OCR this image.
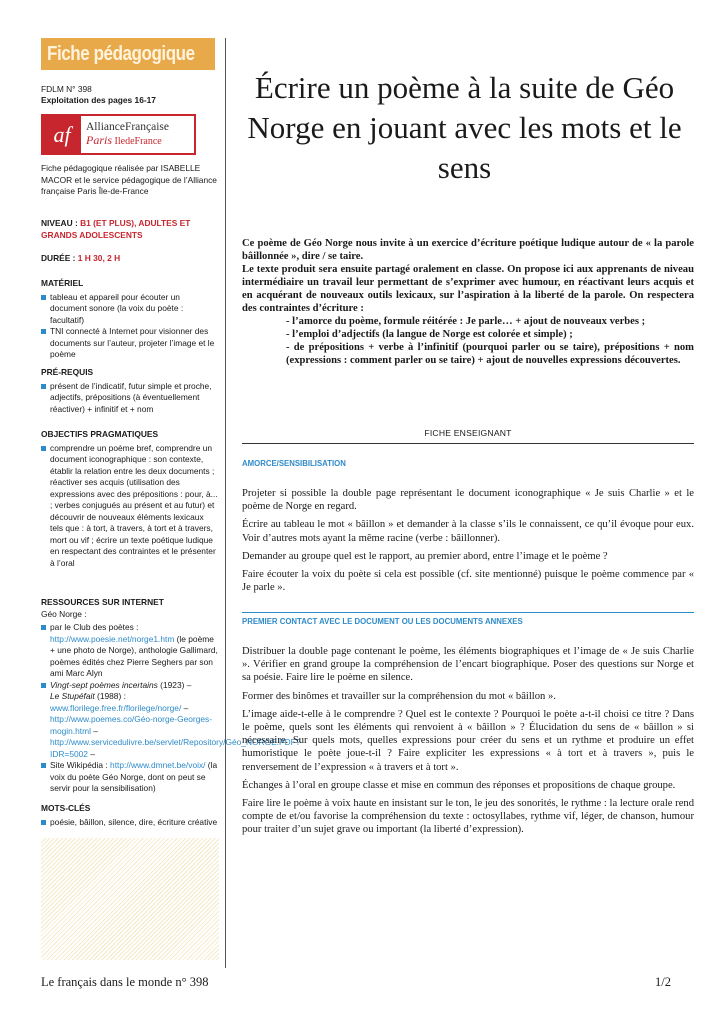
Fiche pédagogique
FDLM N° 398
Exploitation des pages 16-17
af	AllianceFrançaise
Paris IledeFrance

Fiche pédagogique réalisée par ISABELLE MACOR et le service pédagogique de l’Alliance française Paris Île-de-France

NIVEAU : B1 (ET PLUS), ADULTES ET GRANDS ADOLESCENTS

DURÉE : 1 H 30, 2 H

MATÉRIEL

tableau et appareil pour écouter un document sonore (la voix du poète : facultatif)
TNI connecté à Internet pour visionner des documents sur l’auteur, projeter l’image et le poème

PRÉ-REQUIS

présent de l’indicatif, futur simple et proche, adjectifs, prépositions (à éventuellement réactiver) + infinitif et + nom

OBJECTIFS PRAGMATIQUES

comprendre un poème bref, comprendre un document iconographique : son contexte, établir la relation entre les deux documents ; réactiver ses acquis (utilisation des expressions avec des prépositions : pour, à... ; verbes conjugués au présent et au futur) et découvrir de nouveaux éléments lexicaux tels que : à tort, à travers, à tort et à travers, mort ou vif ; écrire un texte poétique ludique en respectant des contraintes et le présenter à l’oral

RESSOURCES SUR INTERNET

Géo Norge :
par le Club des poètes : http://www.poesie.net/norge1.htm (le poème + une photo de Norge), anthologie Gallimard, poèmes édités chez Pierre Seghers par son ami Marc Alyn
Vingt-sept poèmes incertains (1923) –
Le Stupéfait (1988) : www.florilege.free.fr/florilege/norge/ – http://www.poemes.co/Géo-norge-Georges-mogin.html – http://www.servicedulivre.be/servlet/Repository/Géo_NORGE.PDF?IDR=5002 –
Site Wikipédia : http://www.dmnet.be/voix/ (la voix du poète Géo Norge, dont on peut se servir pour la sensibilisation)

MOTS-CLÉS

poésie, bâillon, silence, dire, écriture créative
Écrire un poème à la suite de Géo Norge en jouant avec les mots et le sens

Ce poème de Géo Norge nous invite à un exercice d’écriture poétique ludique autour de « la parole bâillonnée », dire / se taire.

Le texte produit sera ensuite partagé oralement en classe. On propose ici aux apprenants de niveau intermédiaire un travail leur permettant de s’exprimer avec humour, en réactivant leurs acquis et en acquérant de nouveaux outils lexicaux, sur l’aspiration à la liberté de la parole. On respectera des contraintes d’écriture :

- l’amorce du poème, formule réitérée : Je parle… + ajout de nouveaux verbes ;

- l’emploi d’adjectifs (la langue de Norge est colorée et simple) ;

- de prépositions + verbe à l’infinitif (pourquoi parler ou se taire), prépositions + nom (expressions : comment parler ou se taire) + ajout de nouvelles expressions découvertes.

FICHE ENSEIGNANT
AMORCE/SENSIBILISATION

Projeter si possible la double page représentant le document iconographique « Je suis Charlie » et le poème de Norge en regard.

Écrire au tableau le mot « bâillon » et demander à la classe s’ils le connaissent, ce qu’il évoque pour eux. Voir d’autres mots ayant la même racine (verbe : bâillonner).

Demander au groupe quel est le rapport, au premier abord, entre l’image et le poème ?

Faire écouter la voix du poète si cela est possible (cf. site mentionné) puisque le poème commence par « Je parle ».

PREMIER CONTACT AVEC LE DOCUMENT OU LES DOCUMENTS ANNEXES

Distribuer la double page contenant le poème, les éléments biographiques et l’image de « Je suis Charlie ». Vérifier en grand groupe la compréhension de l’encart biographique. Poser des questions sur Norge et sa poésie. Faire lire le poème en silence.

Former des binômes et travailler sur la compréhension du mot « bâillon ».

L’image aide-t-elle à le comprendre ? Quel est le contexte ? Pourquoi le poète a-t-il choisi ce titre ? Dans le poème, quels sont les éléments qui renvoient à « bâillon » ? Élucidation du sens de « bâillon » si nécessaire. Sur quels mots, quelles expressions pour créer du sens et un rythme et produire un effet humoristique le poète joue-t-il ? Faire expliciter les expressions « à tort et à travers », puis le renversement de l’expression « à travers et à tort ».

Échanges à l’oral en groupe classe et mise en commun des réponses et propositions de chaque groupe.

Faire lire le poème à voix haute en insistant sur le ton, le jeu des sonorités, le rythme : la lecture orale rend compte de et/ou favorise la compréhension du texte : octosyllabes, rythme vif, léger, de chanson, humour pour traiter d’un sujet grave ou important (la liberté d’expression).

Le français dans le monde n° 398	1/2
